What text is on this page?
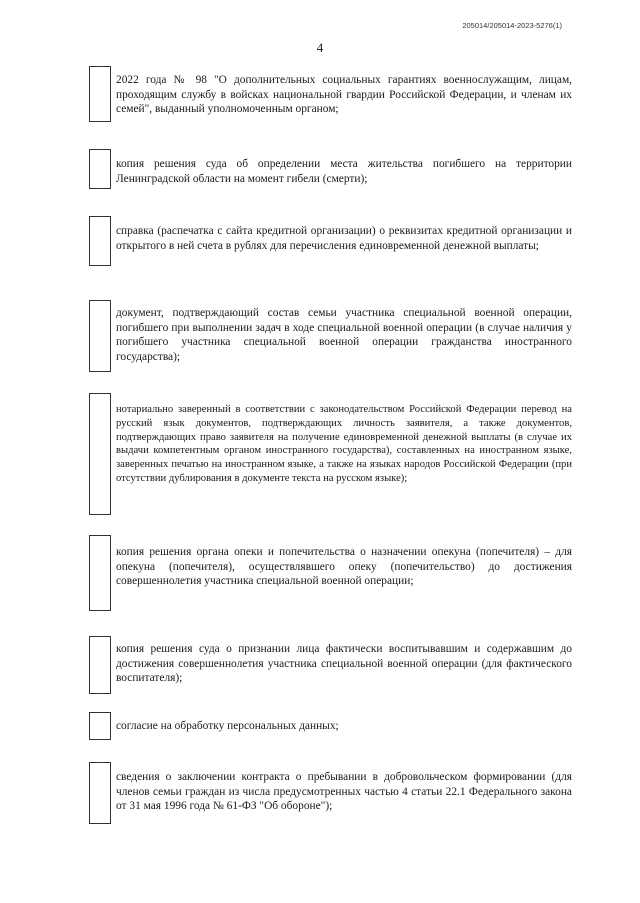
205014/205014-2023-5276(1)
4
2022 года № 98 "О дополнительных социальных гарантиях военнослужащим, лицам, проходящим службу в войсках национальной гвардии Российской Федерации, и членам их семей", выданный уполномоченным органом;
копия решения суда об определении места жительства погибшего на территории Ленинградской области на момент гибели (смерти);
справка (распечатка с сайта кредитной организации) о реквизитах кредитной организации и открытого в ней счета в рублях для перечисления единовременной денежной выплаты;
документ, подтверждающий состав семьи участника специальной военной операции, погибшего при выполнении задач в ходе специальной военной операции (в случае наличия у погибшего участника специальной военной операции гражданства иностранного государства);
нотариально заверенный в соответствии с законодательством Российской Федерации перевод на русский язык документов, подтверждающих личность заявителя, а также документов, подтверждающих право заявителя на получение единовременной денежной выплаты (в случае их выдачи компетентным органом иностранного государства), составленных на иностранном языке, заверенных печатью на иностранном языке, а также на языках народов Российской Федерации (при отсутствии дублирования в документе текста на русском языке);
копия решения органа опеки и попечительства о назначении опекуна (попечителя) – для опекуна (попечителя), осуществлявшего опеку (попечительство) до достижения совершеннолетия участника специальной военной операции;
копия решения суда о признании лица фактически воспитывавшим и содержавшим до достижения совершеннолетия участника специальной военной операции (для фактического воспитателя);
согласие на обработку персональных данных;
сведения о заключении контракта о пребывании в добровольческом формировании (для членов семьи граждан из числа предусмотренных частью 4 статьи 22.1 Федерального закона от 31 мая 1996 года № 61-ФЗ "Об обороне");
